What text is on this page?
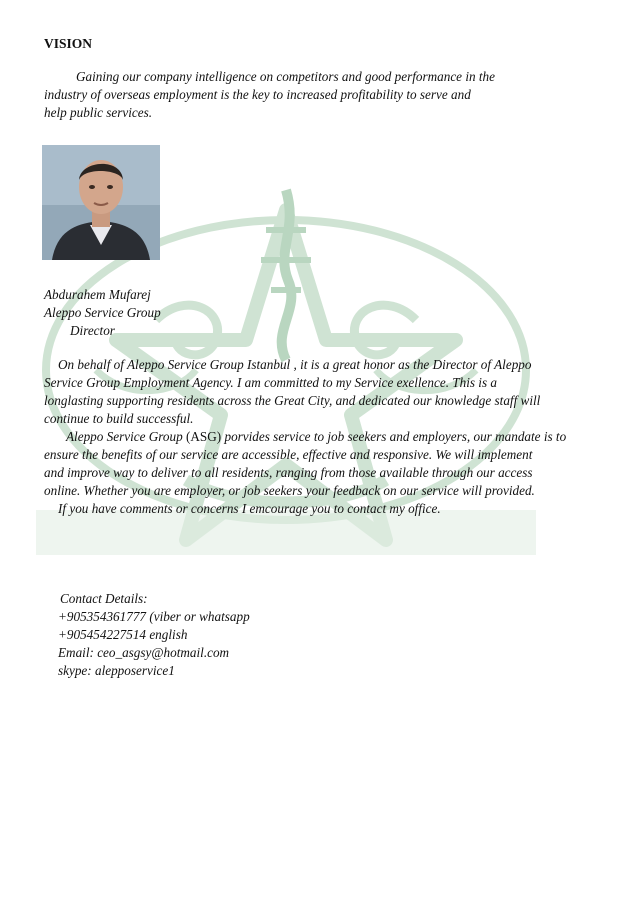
VISION
Gaining our company intelligence on competitors and good performance in the
industry of overseas employment is the key to increased profitability to serve and
help public services.
Abdurahem Mufarej
Aleppo Service Group
Director
On behalf of Aleppo Service Group Istanbul , it is a great honor as the Director of Aleppo
Service Group Employment Agency. I am committed to my Service exellence. This is a
longlasting supporting residents across the Great City, and dedicated our knowledge staff will
continue to build successful.
Aleppo Service Group (ASG) porvides service to job seekers and employers, our mandate is to
ensure the benefits of our service are accessible, effective and responsive. We will implement
and improve way to deliver to all residents, ranging from those available through our access
online. Whether you are employer, or job seekers your feedback on our service will provided.
If you have comments or concerns I emcourage you to contact my office.
Contact Details:
+905354361777 (viber or whatsapp
+905454227514 english
Email: ceo_asgsy@hotmail.com
skype: alepposervice1
